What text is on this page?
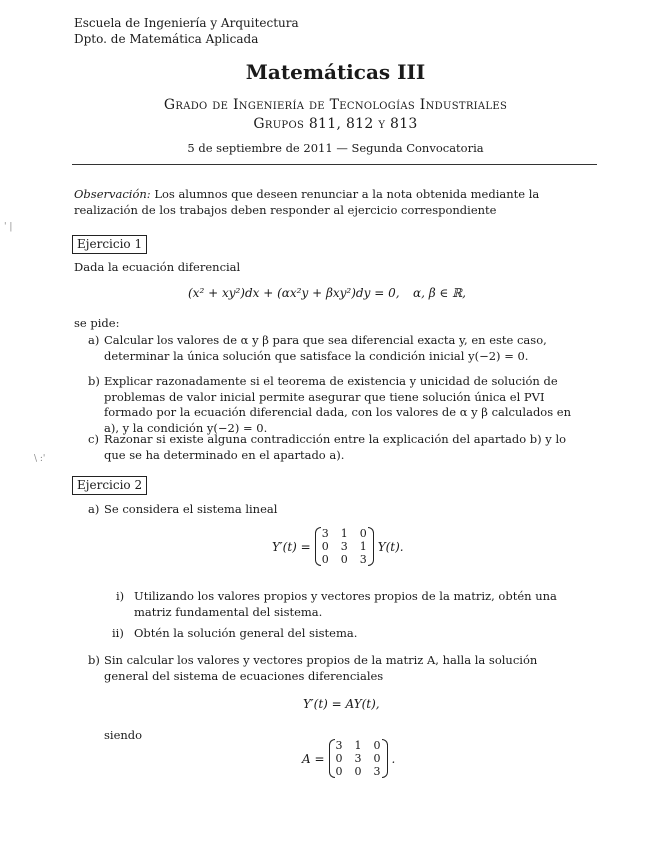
Escuela de Ingeniería y Arquitectura
Dpto. de Matemática Aplicada
Matemáticas III
Grado de Ingeniería de Tecnologías Industriales
Grupos 811, 812 y 813
5 de septiembre de 2011 — Segunda Convocatoria
Observación: Los alumnos que deseen renunciar a la nota obtenida mediante la realización de los trabajos deben responder al ejercicio correspondiente
' |
Ejercicio 1
Dada la ecuación diferencial
(x² + xy²)dx + (αx²y + βxy²)dy = 0, α, β ∈ ℝ,
se pide:
a) Calcular los valores de α y β para que sea diferencial exacta y, en este caso, determinar la única solución que satisface la condición inicial y(−2) = 0.
b) Explicar razonadamente si el teorema de existencia y unicidad de solución de problemas de valor inicial permite asegurar que tiene solución única el PVI formado por la ecuación diferencial dada, con los valores de α y β calculados en a), y la condición y(−2) = 0.
c) Razonar si existe alguna contradicción entre la explicación del apartado b) y lo que se ha determinado en el apartado a).
\ :'
Ejercicio 2
a) Se considera el sistema lineal
Y′(t) =
3 1 0
0 3 1
0 0 3
Y(t).
i) Utilizando los valores propios y vectores propios de la matriz, obtén una matriz fundamental del sistema.
ii) Obtén la solución general del sistema.
b) Sin calcular los valores y vectores propios de la matriz A, halla la solución general del sistema de ecuaciones diferenciales
Y′(t) = AY(t),
siendo
A =
3 1 0
0 3 0
0 0 3
.
